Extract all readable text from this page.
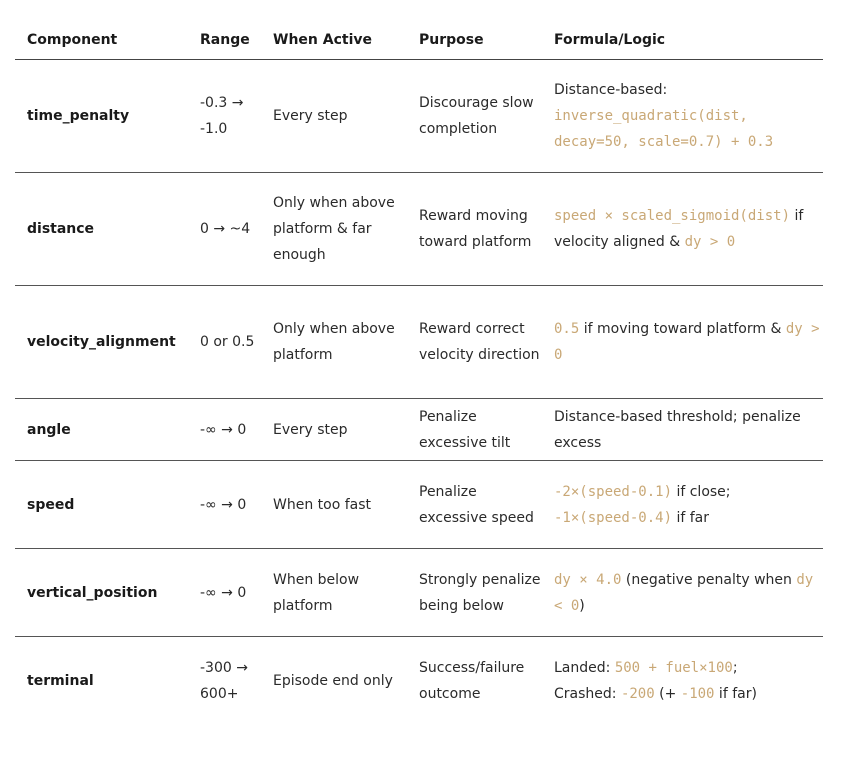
Component	Range	When Active	Purpose	Formula/Logic
time_penalty	-0.3 → -1.0	Every step	Discourage slow completion	Distance-based:
inverse_quadratic(dist, decay=50, scale=0.7) + 0.3
distance	0 → ~4	Only when above platform & far enough	Reward moving toward platform	speed × scaled_sigmoid(dist) if velocity aligned & dy > 0
velocity_alignment	0 or 0.5	Only when above platform	Reward correct velocity direction	0.5 if moving toward platform & dy > 0
angle	-∞ → 0	Every step	Penalize excessive tilt	Distance-based threshold; penalize excess
speed	-∞ → 0	When too fast	Penalize excessive speed	-2×(speed-0.1) if close;
-1×(speed-0.4) if far
vertical_position	-∞ → 0	When below platform	Strongly penalize being below	dy × 4.0 (negative penalty when dy < 0)
terminal	-300 → 600+	Episode end only	Success/failure outcome	Landed: 500 + fuel×100;
Crashed: -200 (+ -100 if far)
